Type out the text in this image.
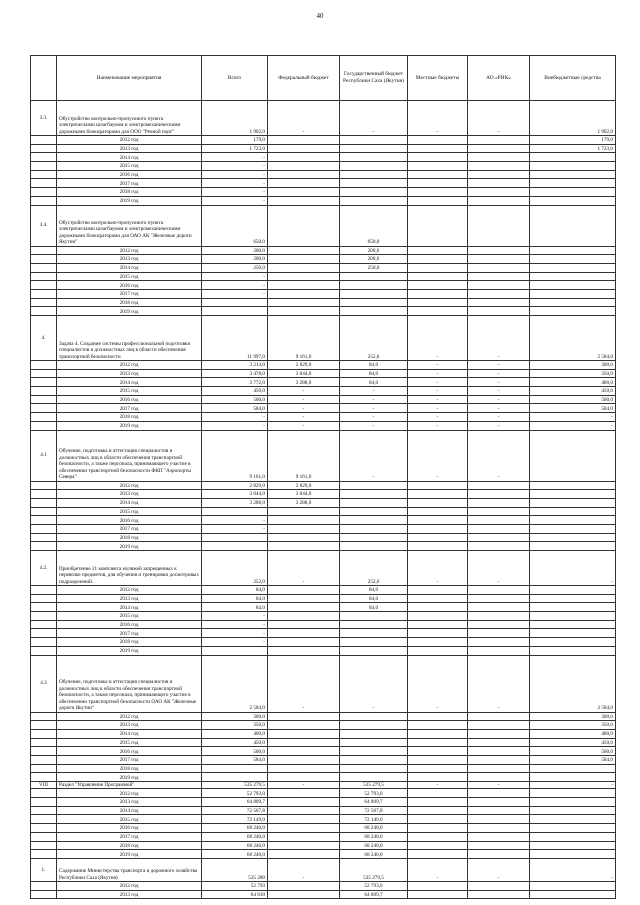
40
	Наименование мероприятия	Всего	Федеральный бюджет	Государственный бюджет Республики Саха (Якутия)	Местные бюджеты	АО «РИК»	Внебюджетные средства
3.3.	Обустройство контрольно-пропускного пункта электрическими шлагбаумом и электромеханическими дорожными блокираторами для ООО "Речной порт"	1 902,0	-	-	-	-	1 902,0
	2012 год	179,0					179,0
	2013 год	1 723,0					1 723,0
	2014 год	-					
	2015 год	-					
	2016 год	-					
	2017 год	-					
	2018 год	-					
	2019 год	-					
3.4.	Обустройство контрольно-пропускного пункта электрическими шлагбаумом и электромеханическими дорожными блокираторами для ОАО АК "Железные дороги Якутии"	650,0		650,0			
	2012 год	200,0		200,0			
	2013 год	200,0		200,0			
	2014 год	250,0		250,0			
	2015 год	-					
	2016 год	-					
	2017 год	-					
	2018 год						
	2019 год						
4.	Задача 4. Создание системы профессиональной подготовки специалистов и должностных лиц в области обеспечения транспортной безопасности	11 997,0	9 161,0	252,0	-	-	2 584,0
	2012 год	3 213,0	2 829,0	84,0	-	-	300,0
	2013 год	3 478,0	3 044,0	84,0	-	-	350,0
	2014 год	3 772,0	3 288,0	84,0	-	-	400,0
	2015 год	450,0	-	-	-	-	450,0
	2016 год	500,0	-	-	-	-	500,0
	2017 год	584,0	-	-	-	-	584,0
	2018 год	-	-	-	-	-	-
	2019 год	-	-	-	-	-	-
4.1	Обучение, подготовка и аттестация специалистов и должностных лиц в области обеспечения транспортной безопасности, а также персонала, принимающего участие в обеспечении транспортной безопасности ФКП "Аэропорты Севера"	9 161,0	9 161,0	-	-	-	
	2012 год	2 829,0	2 829,0				
	2013 год	3 044,0	3 044,0				
	2014 год	3 288,0	3 288,0				
	2015 год						
	2016 год	-					
	2017 год	-					
	2018 год						
	2019 год						
4.2.	Приобретение 21 комплекта муляжей запрещенных к перевозке предметов, для обучения и тренировки досмотровых подразделений.	252,0	-	252,0	-	-	-
	2012 год	84,0		84,0			
	2013 год	84,0		84,0			
	2014 год	84,0		84,0			
	2015 год	-					
	2016 год	-					
	2017 год	-					
	2018 год	-					
	2019 год						
4.3	Обучение, подготовка и аттестация специалистов и должностных лиц в области обеспечения транспортной безопасности, а также персонала, принимающего участие в обеспечении транспортной безопасности ОАО АК "Железные дороги Якутии"	2 584,0	-	-	-	-	2 584,0
	2012 год	300,0					300,0
	2013 год	350,0					350,0
	2014 год	400,0					400,0
	2015 год	450,0					450,0
	2016 год	500,0					500,0
	2017 год	584,0					584,0
	2018 год						
	2019 год						
VIII	Раздел "Управление Программой"	535 279,5	-	535 279,5	-	-	-
	2012 год	52 793,0		52 793,0			
	2013 год	64 809,7		64 809,7			
	2014 год	72 567,8		72 567,8			
	2015 год	72 149,0		72 149,0			
	2016 год	68 240,0		68 240,0			
	2017 год	68 240,0		68 240,0			
	2018 год	68 240,0		68 240,0			
	2019 год	68 240,0		68 240,0			
1.	Содержание Министерства транспорта и дорожного хозяйства Республики Саха (Якутия)	535 280	-	535 279,5	-	-	-
	2012 год	52 793		52 793,0			
	2013 год	64 810		64 809,7			
